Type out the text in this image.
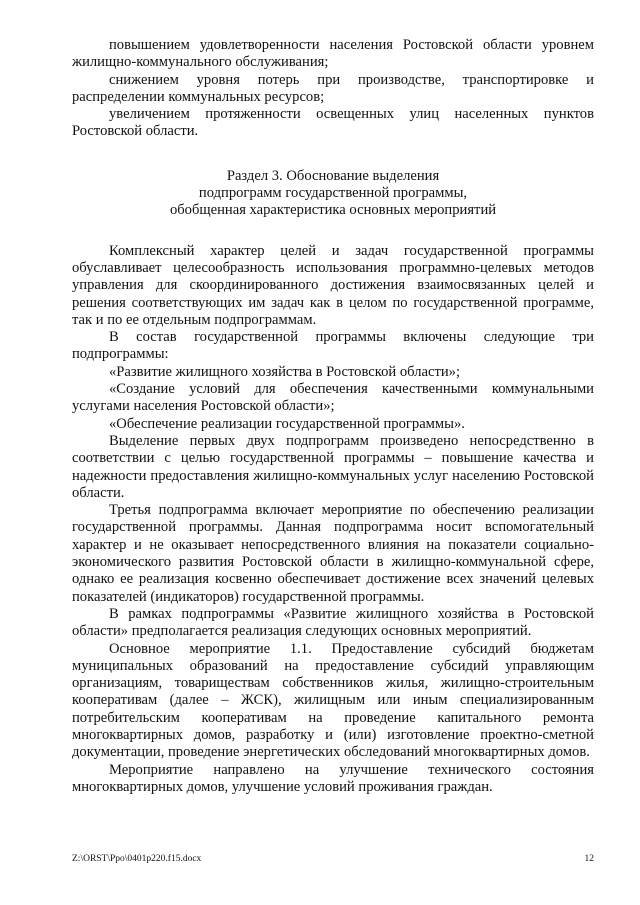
повышением удовлетворенности населения Ростовской области уровнем жилищно-коммунального обслуживания;

снижением уровня потерь при производстве, транспортировке и распределении коммунальных ресурсов;

увеличением протяженности освещенных улиц населенных пунктов Ростовской области.

Раздел 3. Обоснование выделения
подпрограмм государственной программы,
обобщенная характеристика основных мероприятий

Комплексный характер целей и задач государственной программы обуславливает целесообразность использования программно-целевых методов управления для скоординированного достижения взаимосвязанных целей и решения соответствующих им задач как в целом по государственной программе, так и по ее отдельным подпрограммам.

В состав государственной программы включены следующие три подпрограммы:

«Развитие жилищного хозяйства в Ростовской области»;

«Создание условий для обеспечения качественными коммунальными услугами населения Ростовской области»;

«Обеспечение реализации государственной программы».

Выделение первых двух подпрограмм произведено непосредственно в соответствии с целью государственной программы – повышение качества и надежности предоставления жилищно-коммунальных услуг населению Ростовской области.

Третья подпрограмма включает мероприятие по обеспечению реализации государственной программы. Данная подпрограмма носит вспомогательный характер и не оказывает непосредственного влияния на показатели социально-экономического развития Ростовской области в жилищно-коммунальной сфере, однако ее реализация косвенно обеспечивает достижение всех значений целевых показателей (индикаторов) государственной программы.

В рамках подпрограммы «Развитие жилищного хозяйства в Ростовской области» предполагается реализация следующих основных мероприятий.

Основное мероприятие 1.1. Предоставление субсидий бюджетам муниципальных образований на предоставление субсидий управляющим организациям, товариществам собственников жилья, жилищно-строительным кооперативам (далее – ЖСК), жилищным или иным специализированным потребительским кооперативам на проведение капитального ремонта многоквартирных домов, разработку и (или) изготовление проектно-сметной документации, проведение энергетических обследований многоквартирных домов.

Мероприятие направлено на улучшение технического состояния многоквартирных домов, улучшение условий проживания граждан.

Z:\ORST\Ppo\0401p220.f15.docx	12
